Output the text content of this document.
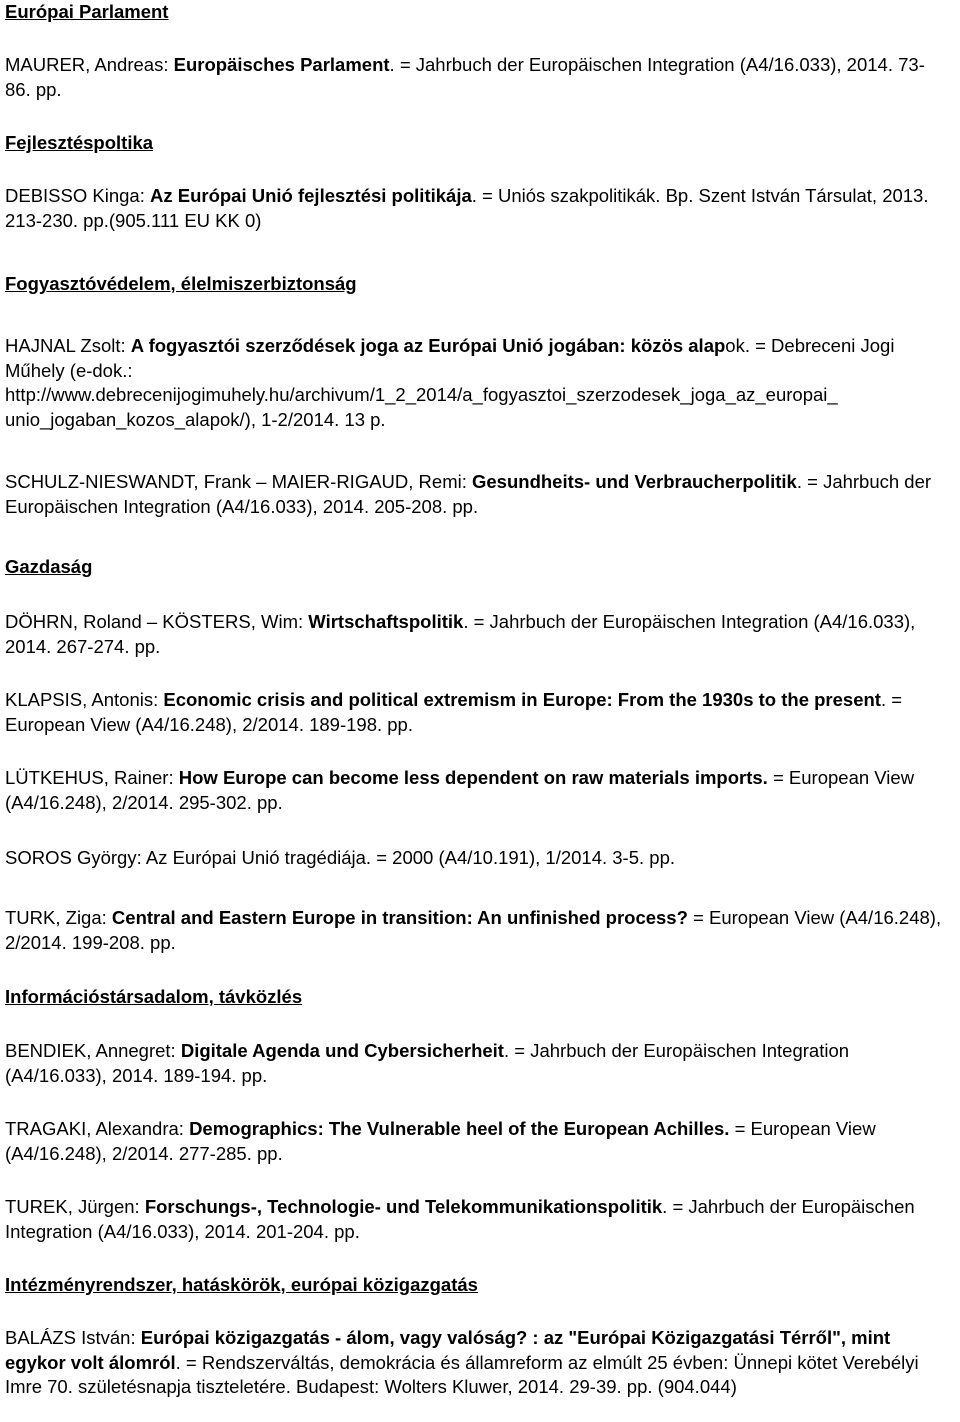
Európai Parlament
MAURER, Andreas: Europäisches Parlament. = Jahrbuch der Europäischen Integration (A4/16.033), 2014. 73-86. pp.
Fejlesztéspoltika
DEBISSO Kinga: Az Európai Unió fejlesztési politikája. = Uniós szakpolitikák. Bp. Szent István Társulat, 2013. 213-230. pp.(905.111 EU KK 0)
Fogyasztóvédelem, élelmiszerbiztonság
HAJNAL Zsolt: A fogyasztói szerződések joga az Európai Unió jogában: közös alapok. = Debreceni Jogi Műhely (e-dok.: http://www.debrecenijogimuhely.hu/archivum/1_2_2014/a_fogyasztoi_szerzodesek_joga_az_europai_ unio_jogaban_kozos_alapok/), 1-2/2014. 13 p.
SCHULZ-NIESWANDT, Frank ‒ MAIER-RIGAUD, Remi: Gesundheits- und Verbraucherpolitik. = Jahrbuch der Europäischen Integration (A4/16.033), 2014. 205-208. pp.
Gazdaság
DÖHRN, Roland ‒ KÖSTERS, Wim: Wirtschaftspolitik. = Jahrbuch der Europäischen Integration (A4/16.033), 2014. 267-274. pp.
KLAPSIS, Antonis: Economic crisis and political extremism in Europe: From the 1930s to the present. = European View (A4/16.248), 2/2014. 189-198. pp.
LÜTKEHUS, Rainer: How Europe can become less dependent on raw materials imports. = European View (A4/16.248), 2/2014. 295-302. pp.
SOROS György: Az Európai Unió tragédiája. = 2000 (A4/10.191), 1/2014. 3-5. pp.
TURK, Ziga: Central and Eastern Europe in transition: An unfinished process? = European View (A4/16.248), 2/2014. 199-208. pp.
Információstársadalom, távközlés
BENDIEK, Annegret: Digitale Agenda und Cybersicherheit. = Jahrbuch der Europäischen Integration (A4/16.033), 2014. 189-194. pp.
TRAGAKI, Alexandra: Demographics: The Vulnerable heel of the European Achilles. = European View (A4/16.248), 2/2014. 277-285. pp.
TUREK, Jürgen: Forschungs-, Technologie- und Telekommunikationspolitik. = Jahrbuch der Europäischen Integration (A4/16.033), 2014. 201-204. pp.
Intézményrendszer, hatáskörök, európai közigazgatás
BALÁZS István: Európai közigazgatás - álom, vagy valóság? : az "Európai Közigazgatási Térről", mint egykor volt álomról. = Rendszerváltás, demokrácia és államreform az elmúlt 25 évben: Ünnepi kötet Verebélyi Imre 70. születésnapja tiszteletére. Budapest: Wolters Kluwer, 2014. 29-39. pp. (904.044)
